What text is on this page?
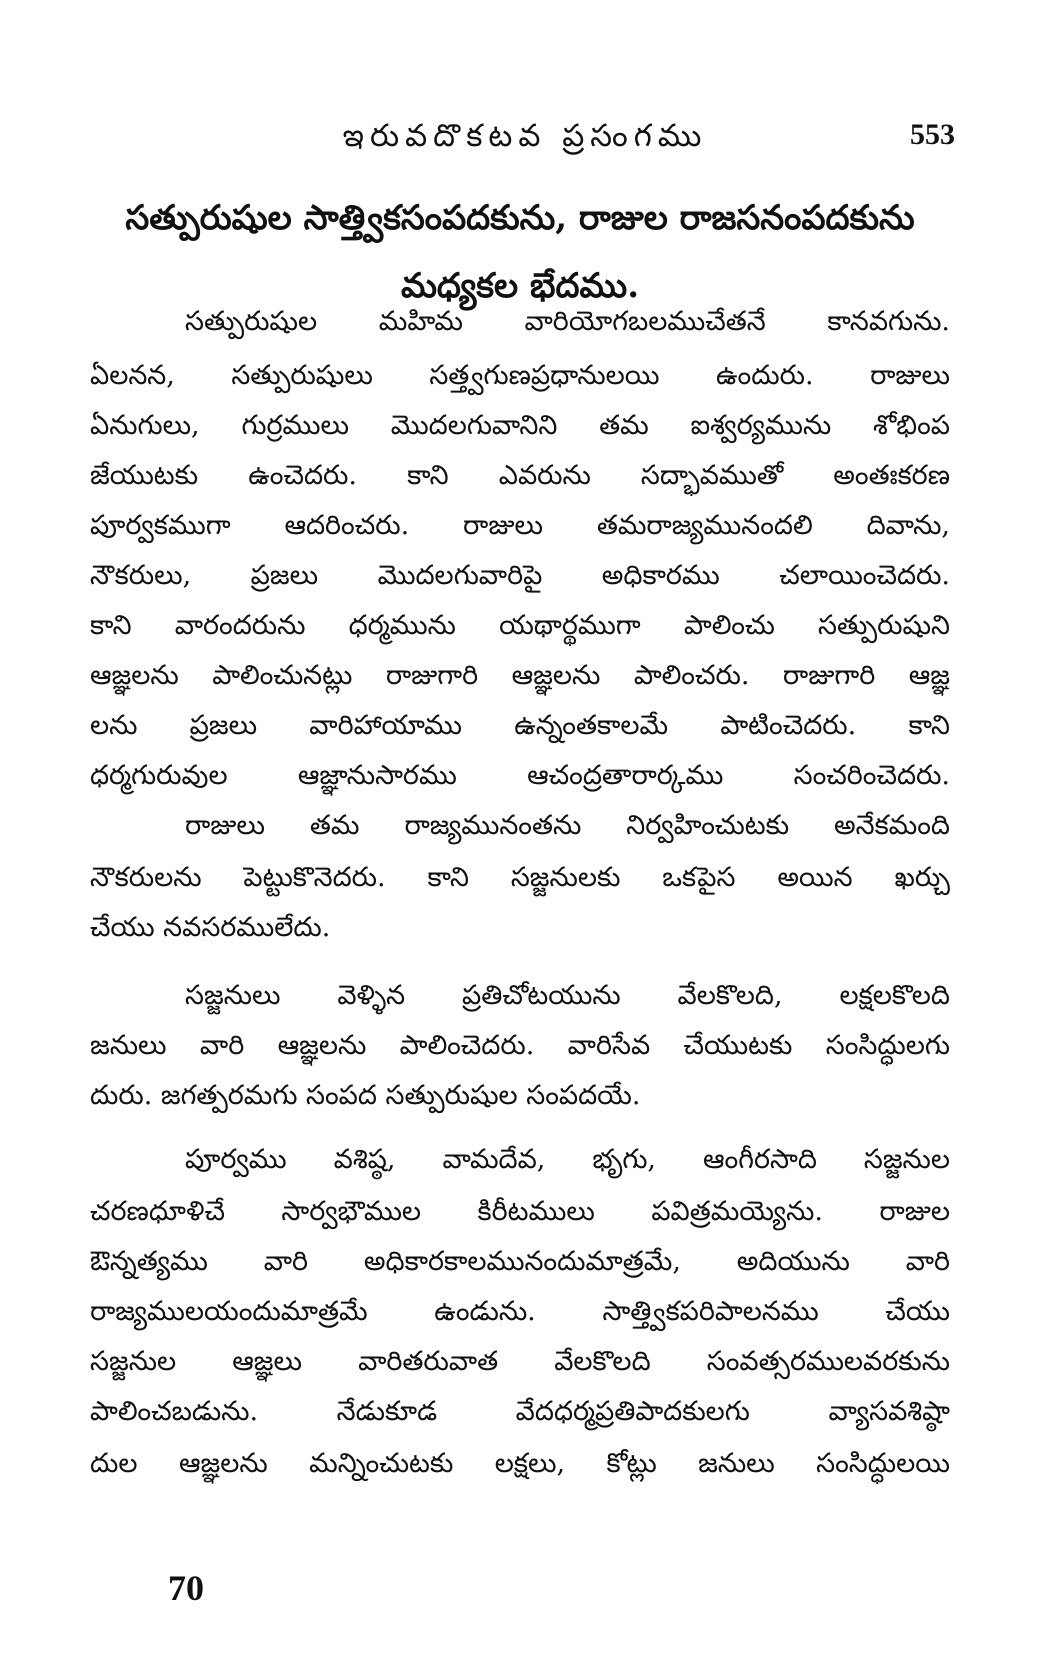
ఇరువదొకటవ ప్రసంగము	553
సత్పురుషుల సాత్త్వికసంపదకును, రాజుల రాజసనంపదకును
మధ్యకల భేదము.
సత్పురుషుల మహిమ వారియోగబలముచేతనే కానవగును.
ఏలనన, సత్పురుషులు సత్త్వగుణప్రధానులయి ఉందురు. రాజులు
ఏనుగులు, గుర్రములు మొదలగువానిని తమ ఐశ్వర్యమును శోభింప
జేయుటకు ఉంచెదరు. కాని ఎవరును సద్భావముతో అంతఃకరణ
పూర్వకముగా ఆదరించరు. రాజులు తమరాజ్యమునందలి దివాను,
నౌకరులు, ప్రజలు మొదలగువారిపై అధికారము చలాయించెదరు.
కాని వారందరును ధర్మమును యథార్థముగా పాలించు సత్పురుషుని
ఆజ్ఞలను పాలించునట్లు రాజుగారి ఆజ్ఞలను పాలించరు. రాజుగారి ఆజ్ఞ
లను ప్రజలు వారిహాయాము ఉన్నంతకాలమే పాటించెదరు. కాని
ధర్మగురువుల ఆజ్ఞానుసారము ఆచంద్రతారార్కము సంచరించెదరు.
రాజులు తమ రాజ్యమునంతను నిర్వహించుటకు అనేకమంది
నౌకరులను పెట్టుకొనెదరు. కాని సజ్జనులకు ఒకపైస అయిన ఖర్చు
చేయు నవసరములేదు.
సజ్జనులు వెళ్ళిన ప్రతిచోటయును వేలకొలది, లక్షలకొలది
జనులు వారి ఆజ్ఞలను పాలించెదరు. వారిసేవ చేయుటకు సంసిద్ధులగు
దురు. జగత్పరమగు సంపద సత్పురుషుల సంపదయే.
పూర్వము వశిష్ఠ, వామదేవ, భృగు, ఆంగీరసాది సజ్జనుల
చరణధూళిచే సార్వభౌముల కిరీటములు పవిత్రమయ్యెను. రాజుల
ఔన్నత్యము వారి అధికారకాలమునందుమాత్రమే, అదియును వారి
రాజ్యములయందుమాత్రమే ఉండును. సాత్త్వికపరిపాలనము చేయు
సజ్జనుల ఆజ్ఞలు వారితరువాత వేలకొలది సంవత్సరములవరకును
పాలించబడును. నేడుకూడ వేదధర్మప్రతిపాదకులగు వ్యాసవశిష్ఠా
దుల ఆజ్ఞలను మన్నించుటకు లక్షలు, కోట్లు జనులు సంసిద్ధులయి
70
